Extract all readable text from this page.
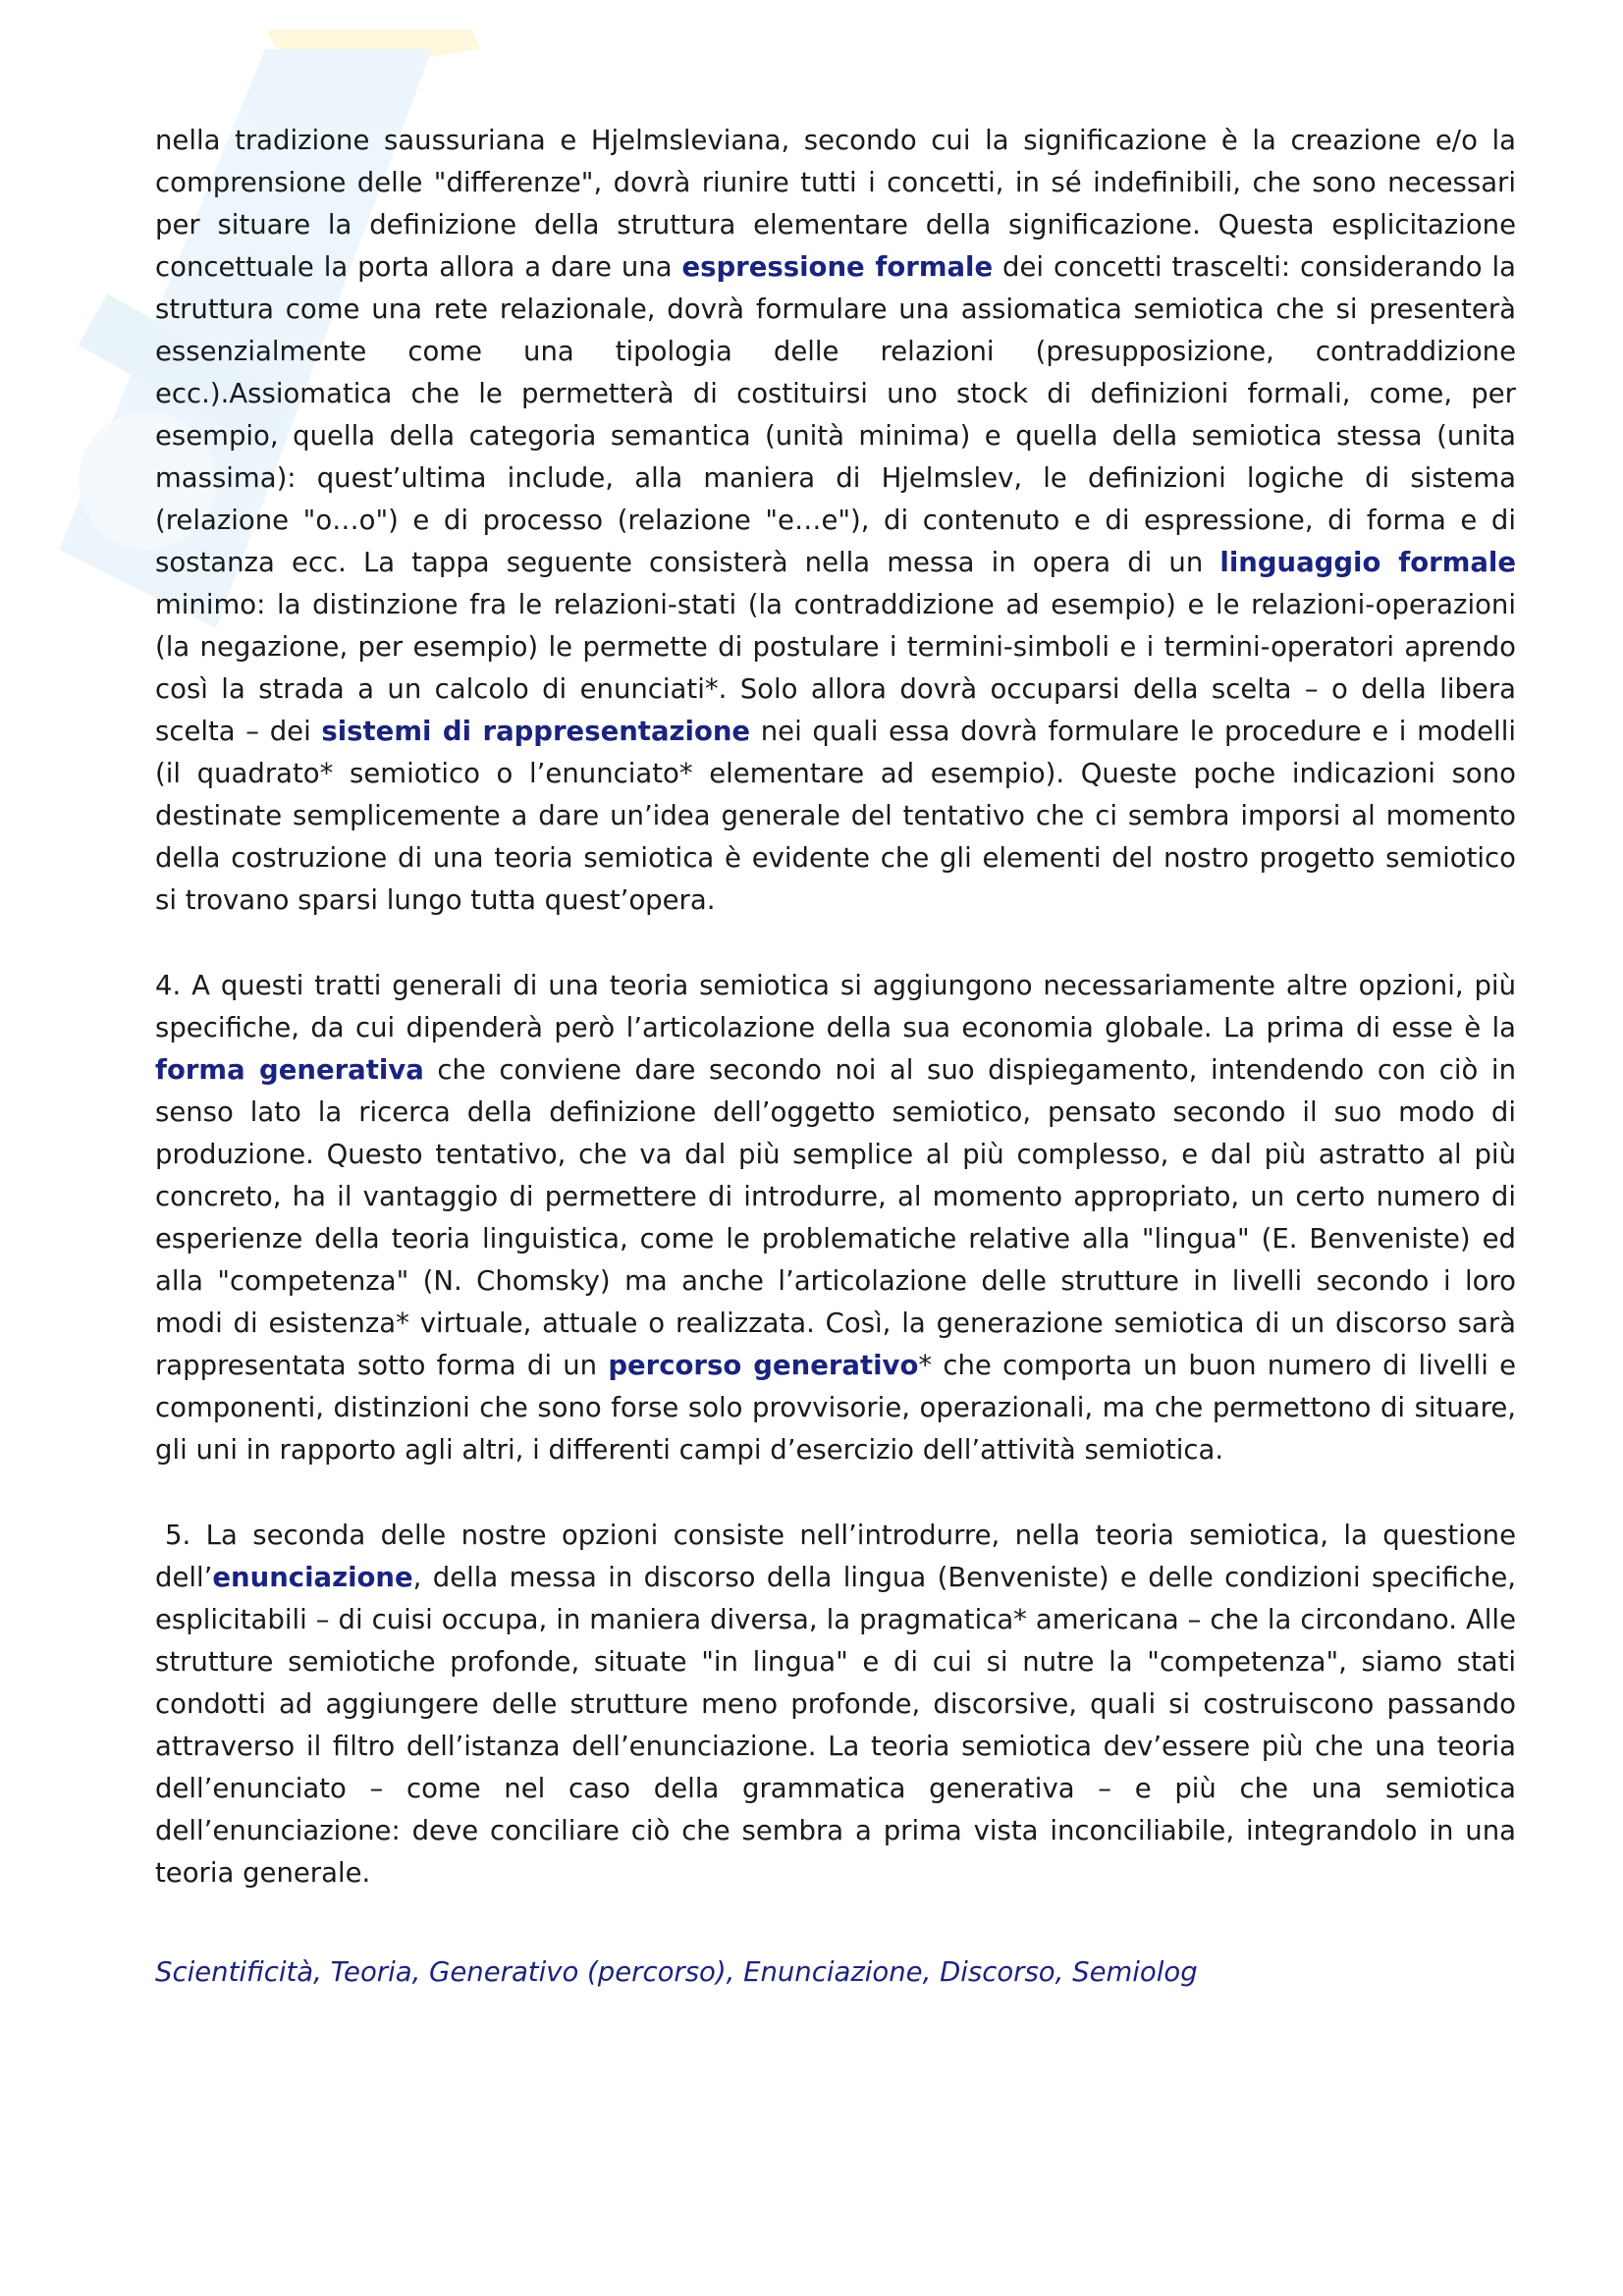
nella tradizione saussuriana e Hjelmsleviana, secondo cui la significazione è la creazione e/o la comprensione delle "differenze", dovrà riunire tutti i concetti, in sé indefinibili, che sono necessari per situare la definizione della struttura elementare della significazione. Questa esplicitazione concettuale la porta allora a dare una espressione formale dei concetti trascelti: considerando la struttura come una rete relazionale, dovrà formulare una assiomatica semiotica che si presenterà essenzialmente come una tipologia delle relazioni (presupposizione, contraddizione ecc.).Assiomatica che le permetterà di costituirsi uno stock di definizioni formali, come, per esempio, quella della categoria semantica (unità minima) e quella della semiotica stessa (unita massima): quest’ultima include, alla maniera di Hjelmslev, le definizioni logiche di sistema (relazione "o…o") e di processo (relazione "e…e"), di contenuto e di espressione, di forma e di sostanza ecc. La tappa seguente consisterà nella messa in opera di un linguaggio formale minimo: la distinzione fra le relazioni-stati (la contraddizione ad esempio) e le relazioni-operazioni (la negazione, per esempio) le permette di postulare i termini-simboli e i termini-operatori aprendo così la strada a un calcolo di enunciati*. Solo allora dovrà occuparsi della scelta – o della libera scelta – dei sistemi di rappresentazione nei quali essa dovrà formulare le procedure e i modelli (il quadrato* semiotico o l’enunciato* elementare ad esempio). Queste poche indicazioni sono destinate semplicemente a dare un’idea generale del tentativo che ci sembra imporsi al momento della costruzione di una teoria semiotica è evidente che gli elementi del nostro progetto semiotico si trovano sparsi lungo tutta quest’opera.

4. A questi tratti generali di una teoria semiotica si aggiungono necessariamente altre opzioni, più specifiche, da cui dipenderà però l’articolazione della sua economia globale. La prima di esse è la forma generativa che conviene dare secondo noi al suo dispiegamento, intendendo con ciò in senso lato la ricerca della definizione dell’oggetto semiotico, pensato secondo il suo modo di produzione. Questo tentativo, che va dal più semplice al più complesso, e dal più astratto al più concreto, ha il vantaggio di permettere di introdurre, al momento appropriato, un certo numero di esperienze della teoria linguistica, come le problematiche relative alla "lingua" (E. Benveniste) ed alla "competenza" (N. Chomsky) ma anche l’articolazione delle strutture in livelli secondo i loro modi di esistenza* virtuale, attuale o realizzata. Così, la generazione semiotica di un discorso sarà rappresentata sotto forma di un percorso generativo* che comporta un buon numero di livelli e componenti, distinzioni che sono forse solo provvisorie, operazionali, ma che permettono di situare, gli uni in rapporto agli altri, i differenti campi d’esercizio dell’attività semiotica.

5. La seconda delle nostre opzioni consiste nell’introdurre, nella teoria semiotica, la questione dell’enunciazione, della messa in discorso della lingua (Benveniste) e delle condizioni specifiche, esplicitabili – di cuisi occupa, in maniera diversa, la pragmatica* americana – che la circondano. Alle strutture semiotiche profonde, situate "in lingua" e di cui si nutre la "competenza", siamo stati condotti ad aggiungere delle strutture meno profonde, discorsive, quali si costruiscono passando attraverso il filtro dell’istanza dell’enunciazione. La teoria semiotica dev’essere più che una teoria dell’enunciato – come nel caso della grammatica generativa – e più che una semiotica dell’enunciazione: deve conciliare ciò che sembra a prima vista inconciliabile, integrandolo in una teoria generale.

Scientificità, Teoria, Generativo (percorso), Enunciazione, Discorso, Semiolog
